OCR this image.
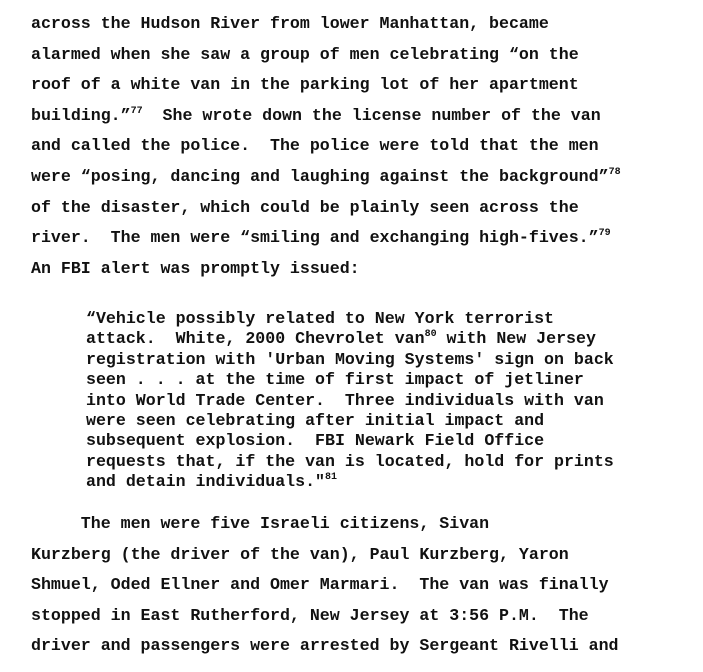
across the Hudson River from lower Manhattan, became
alarmed when she saw a group of men celebrating “on the
roof of a white van in the parking lot of her apartment
building.”$^{77}$ She wrote down the license number of the van
and called the police.  The police were told that the men
were “posing, dancing and laughing against the background”$^{78}$
of the disaster, which could be plainly seen across the
river.  The men were “smiling and exchanging high-fives.”$^{79}$
An FBI alert was promptly issued:
“Vehicle possibly related to New York terrorist
attack.  White, 2000 Chevrolet van$^{80}$ with New Jersey
registration with 'Urban Moving Systems' sign on back
seen . . . at the time of first impact of jetliner
into World Trade Center.  Three individuals with van
were seen celebrating after initial impact and
subsequent explosion.  FBI Newark Field Office
requests that, if the van is located, hold for prints
and detain individuals."$^{81}$
The men were five Israeli citizens, Sivan
Kurzberg (the driver of the van), Paul Kurzberg, Yaron
Shmuel, Oded Ellner and Omer Marmari.  The van was finally
stopped in East Rutherford, New Jersey at 3:56 P.M.  The
driver and passengers were arrested by Sergeant Rivelli and
